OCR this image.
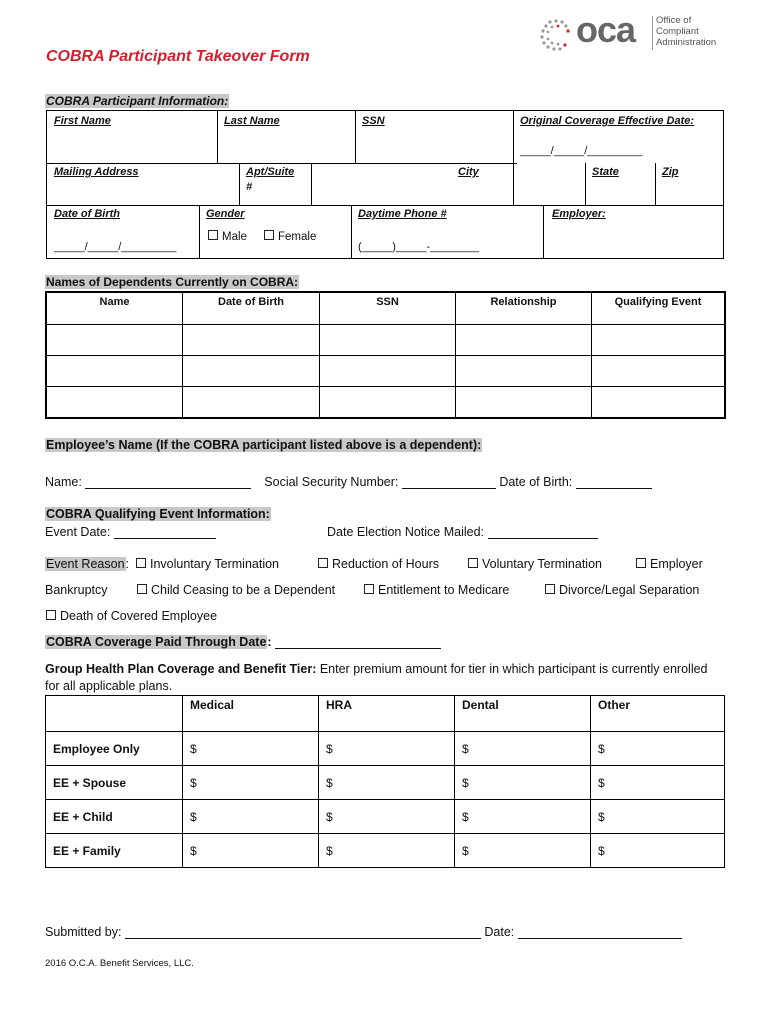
oca Office of
Compliant
Administration
COBRA Participant Takeover Form
COBRA Participant Information:
First Name	Last Name	SSN	Original Coverage Effective Date:
_____/_____/_________
Mailing Address	Apt/Suite
#
City	State	Zip
Date of Birth
_____/_____/_________
Gender
Male	Female
Daytime Phone #
(_____)_____-________
Employer:
Names of Dependents Currently on COBRA:
Name	Date of Birth	SSN	Relationship	Qualifying Event

Employee’s Name (If the COBRA participant listed above is a dependent):
Name:	Social Security Number:	Date of Birth:
COBRA Qualifying Event Information:
Event Date:	Date Election Notice Mailed:
Event Reason:	Involuntary Termination	Reduction of Hours	Voluntary Termination	Employer
Bankruptcy	Child Ceasing to be a Dependent	Entitlement to Medicare	Divorce/Legal Separation
Death of Covered Employee
COBRA Coverage Paid Through Date:
Group Health Plan Coverage and Benefit Tier: Enter premium amount for tier in which participant is currently enrolled for all applicable plans.
	Medical	HRA	Dental	Other
Employee Only	$	$	$	$
EE + Spouse	$	$	$	$
EE + Child	$	$	$	$
EE + Family	$	$	$	$
Submitted by:	Date:
2016 O.C.A. Benefit Services, LLC.
